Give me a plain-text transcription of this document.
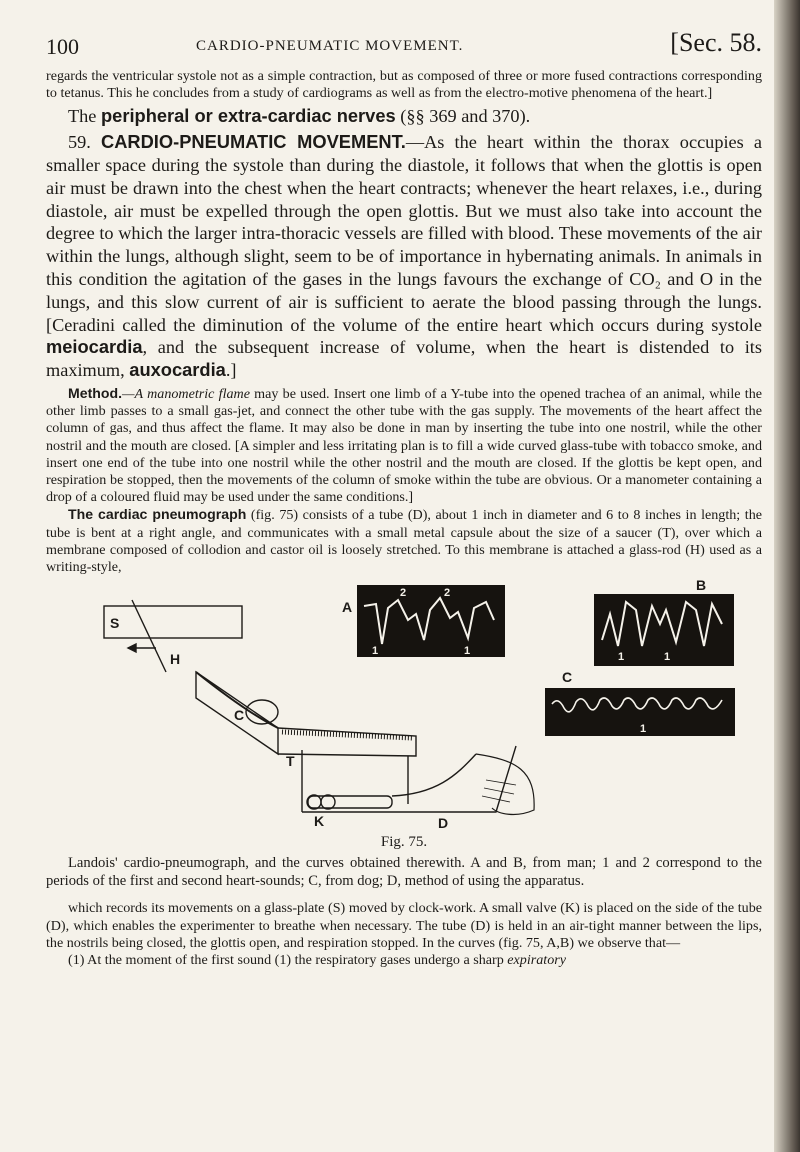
100	CARDIO-PNEUMATIC MOVEMENT.	[Sec. 58.

regards the ventricular systole not as a simple contraction, but as composed of three or more fused contractions corresponding to tetanus. This he concludes from a study of cardiograms as well as from the electro-motive phenomena of the heart.]

The peripheral or extra-cardiac nerves (§§ 369 and 370).

59. CARDIO-PNEUMATIC MOVEMENT.—As the heart within the thorax occupies a smaller space during the systole than during the diastole, it follows that when the glottis is open air must be drawn into the chest when the heart contracts; whenever the heart relaxes, i.e., during diastole, air must be expelled through the open glottis. But we must also take into account the degree to which the larger intra-thoracic vessels are filled with blood. These movements of the air within the lungs, although slight, seem to be of importance in hybernating animals. In animals in this condition the agitation of the gases in the lungs favours the exchange of CO₂ and O in the lungs, and this slow current of air is sufficient to aerate the blood passing through the lungs. [Ceradini called the diminution of the volume of the entire heart which occurs during systole meiocardia, and the subsequent increase of volume, when the heart is distended to its maximum, auxocardia.]

Method.—A manometric flame may be used. Insert one limb of a Y-tube into the opened trachea of an animal, while the other limb passes to a small gas-jet, and connect the other tube with the gas supply. The movements of the heart affect the column of gas, and thus affect the flame. It may also be done in man by inserting the tube into one nostril, while the other nostril and the mouth are closed. [A simpler and less irritating plan is to fill a wide curved glass-tube with tobacco smoke, and insert one end of the tube into one nostril while the other nostril and the mouth are closed. If the glottis be kept open, and respiration be stopped, then the movements of the column of smoke within the tube are obvious. Or a manometer containing a drop of a coloured fluid may be used under the same conditions.]

The cardiac pneumograph (fig. 75) consists of a tube (D), about 1 inch in diameter and 6 to 8 inches in length; the tube is bent at a right angle, and communicates with a small metal capsule about the size of a saucer (T), over which a membrane composed of collodion and castor oil is loosely stretched. To this membrane is attached a glass-rod (H) used as a writing-style,

S
H
C
T
K	D
A
B
C
1
2
1
2
1	1
1
Fig. 75.

Landois' cardio-pneumograph, and the curves obtained therewith. A and B, from man; 1 and 2 correspond to the periods of the first and second heart-sounds; C, from dog; D, method of using the apparatus.

which records its movements on a glass-plate (S) moved by clock-work. A small valve (K) is placed on the side of the tube (D), which enables the experimenter to breathe when necessary. The tube (D) is held in an air-tight manner between the lips, the nostrils being closed, the glottis open, and respiration stopped. In the curves (fig. 75, A,B) we observe that—

(1) At the moment of the first sound (1) the respiratory gases undergo a sharp expiratory
